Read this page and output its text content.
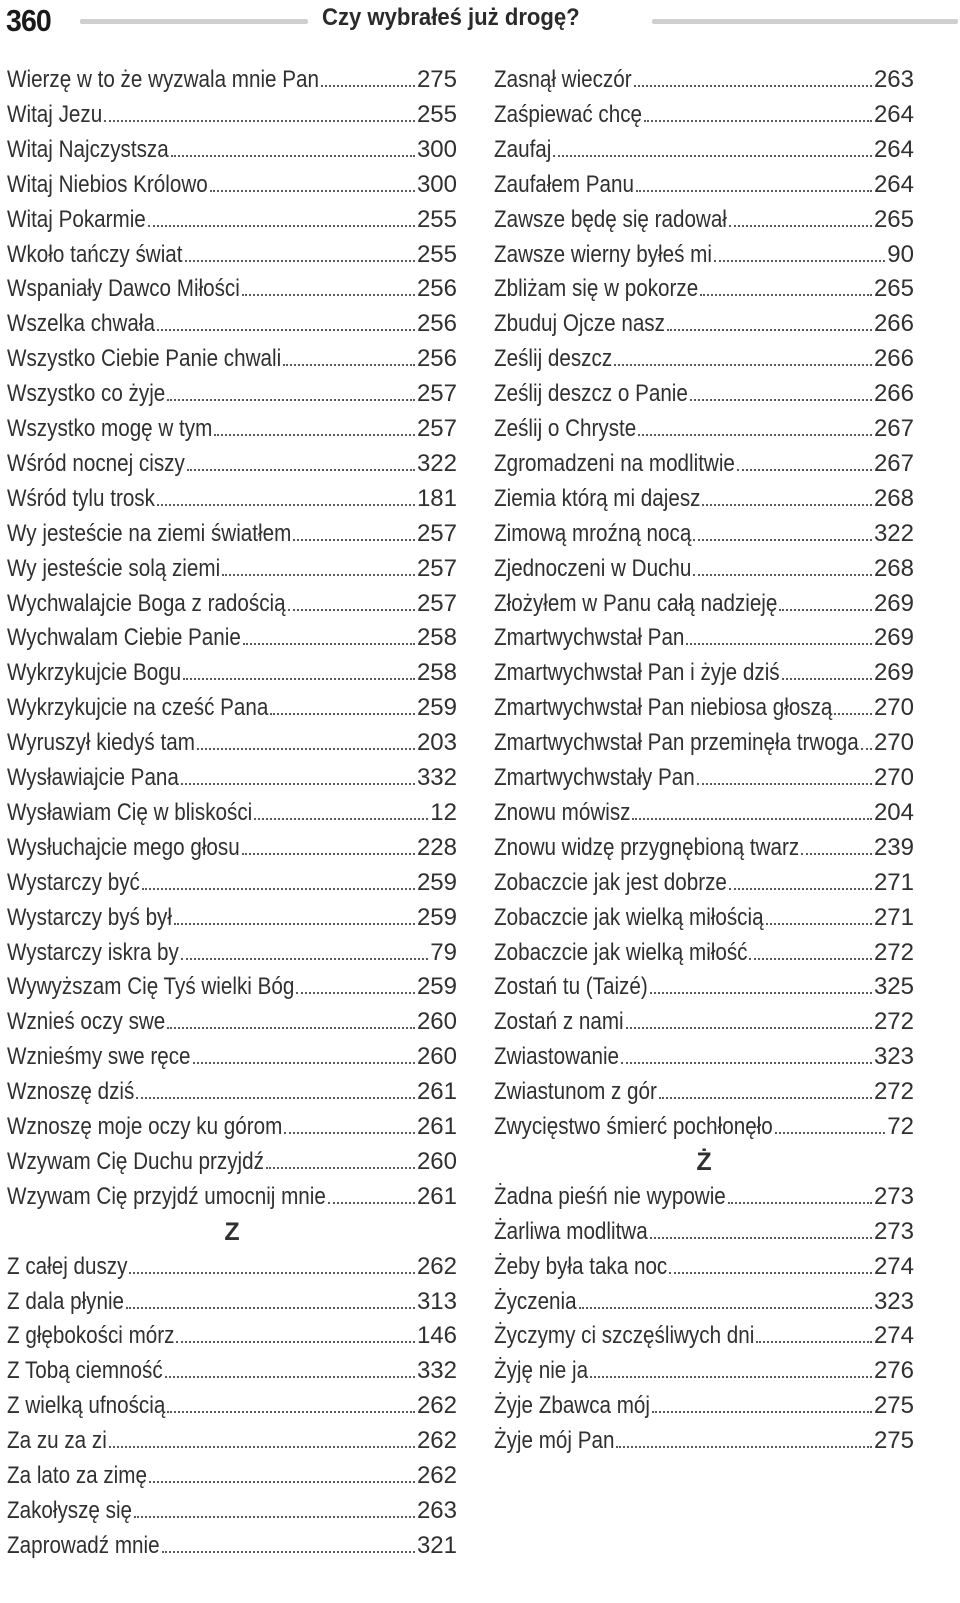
360	Czy wybrałeś już drogę?
Wierzę w to że wyzwala mnie Pan	275
Witaj Jezu	255
Witaj Najczystsza	300
Witaj Niebios Królowo	300
Witaj Pokarmie	255
Wkoło tańczy świat	255
Wspaniały Dawco Miłości	256
Wszelka chwała	256
Wszystko Ciebie Panie chwali	256
Wszystko co żyje	257
Wszystko mogę w tym	257
Wśród nocnej ciszy	322
Wśród tylu trosk	181
Wy jesteście na ziemi światłem	257
Wy jesteście solą ziemi	257
Wychwalajcie Boga z radością	257
Wychwalam Ciebie Panie	258
Wykrzykujcie Bogu	258
Wykrzykujcie na cześć Pana	259
Wyruszył kiedyś tam	203
Wysławiajcie Pana	332
Wysławiam Cię w bliskości	12
Wysłuchajcie mego głosu	228
Wystarczy być	259
Wystarczy byś był	259
Wystarczy iskra by	79
Wywyższam Cię Tyś wielki Bóg	259
Wznieś oczy swe	260
Wznieśmy swe ręce	260
Wznoszę dziś	261
Wznoszę moje oczy ku górom	261
Wzywam Cię Duchu przyjdź	260
Wzywam Cię przyjdź umocnij mnie	261
Z
Z całej duszy	262
Z dala płynie	313
Z głębokości mórz	146
Z Tobą ciemność	332
Z wielką ufnością	262
Za zu za zi	262
Za lato za zimę	262
Zakołyszę się	263
Zaprowadź mnie	321
Zasnął wieczór	263
Zaśpiewać chcę	264
Zaufaj	264
Zaufałem Panu	264
Zawsze będę się radował	265
Zawsze wierny byłeś mi	90
Zbliżam się w pokorze	265
Zbuduj Ojcze nasz	266
Ześlij deszcz	266
Ześlij deszcz o Panie	266
Ześlij o Chryste	267
Zgromadzeni na modlitwie	267
Ziemia którą mi dajesz	268
Zimową mroźną nocą	322
Zjednoczeni w Duchu	268
Złożyłem w Panu całą nadzieję	269
Zmartwychwstał Pan	269
Zmartwychwstał Pan i żyje dziś	269
Zmartwychwstał Pan niebiosa głoszą 270
Zmartwychwstał Pan przeminęła trwoga 270
Zmartwychwstały Pan	270
Znowu mówisz	204
Znowu widzę przygnębioną twarz	239
Zobaczcie jak jest dobrze	271
Zobaczcie jak wielką miłością	271
Zobaczcie jak wielką miłość	272
Zostań tu (Taizé)	325
Zostań z nami	272
Zwiastowanie	323
Zwiastunom z gór	272
Zwycięstwo śmierć pochłonęło	72
Ż
Żadna pieśń nie wypowie	273
Żarliwa modlitwa	273
Żeby była taka noc	274
Życzenia	323
Życzymy ci szczęśliwych dni	274
Żyję nie ja	276
Żyje Zbawca mój	275
Żyje mój Pan	275
